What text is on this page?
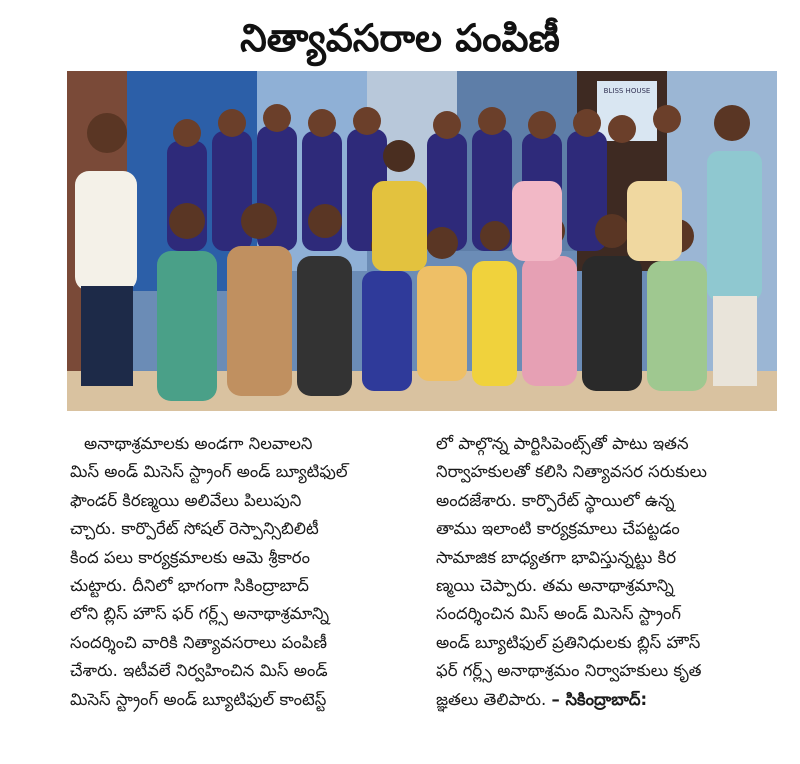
నిత్యావసరాల పంపిణీ
BLISS HOUSE
అనాథాశ్రమాలకు అండగా నిలవాలని
మిస్ అండ్ మిసెస్ స్ట్రాంగ్ అండ్ బ్యూటిఫుల్
ఫౌండర్ కిరణ్మయి అలివేలు పిలుపుని
చ్చారు. కార్పొరేట్ సోషల్ రెస్పాన్సిబిలిటీ
కింద పలు కార్యక్రమాలకు ఆమె శ్రీకారం
చుట్టారు. దీనిలో భాగంగా సికింద్రాబాద్
లోని బ్లిస్ హౌస్ ఫర్ గర్ల్స్ అనాథాశ్రమాన్ని
సందర్శించి వారికి నిత్యావసరాలు పంపిణీ
చేశారు. ఇటీవలే నిర్వహించిన మిస్ అండ్
మిసెస్ స్ట్రాంగ్ అండ్ బ్యూటిఫుల్ కాంటెస్ట్
లో పాల్గొన్న పార్టిసిపెంట్స్‌తో పాటు ఇతన
నిర్వాహకులతో కలిసి నిత్యావసర సరుకులు
అందజేశారు. కార్పొరేట్ స్థాయిలో ఉన్న
తాము ఇలాంటి కార్యక్రమాలు చేపట్టడం
సామాజిక బాధ్యతగా భావిస్తున్నట్టు కిర
ణ్మయి చెప్పారు. తమ అనాథాశ్రమాన్ని
సందర్శించిన మిస్ అండ్ మిసెస్ స్ట్రాంగ్
అండ్ బ్యూటిఫుల్ ప్రతినిధులకు బ్లిస్ హౌస్
ఫర్ గర్ల్స్ అనాథాశ్రమం నిర్వాహకులు కృత
జ్ఞతలు తెలిపారు. – సికింద్రాబాద్:
